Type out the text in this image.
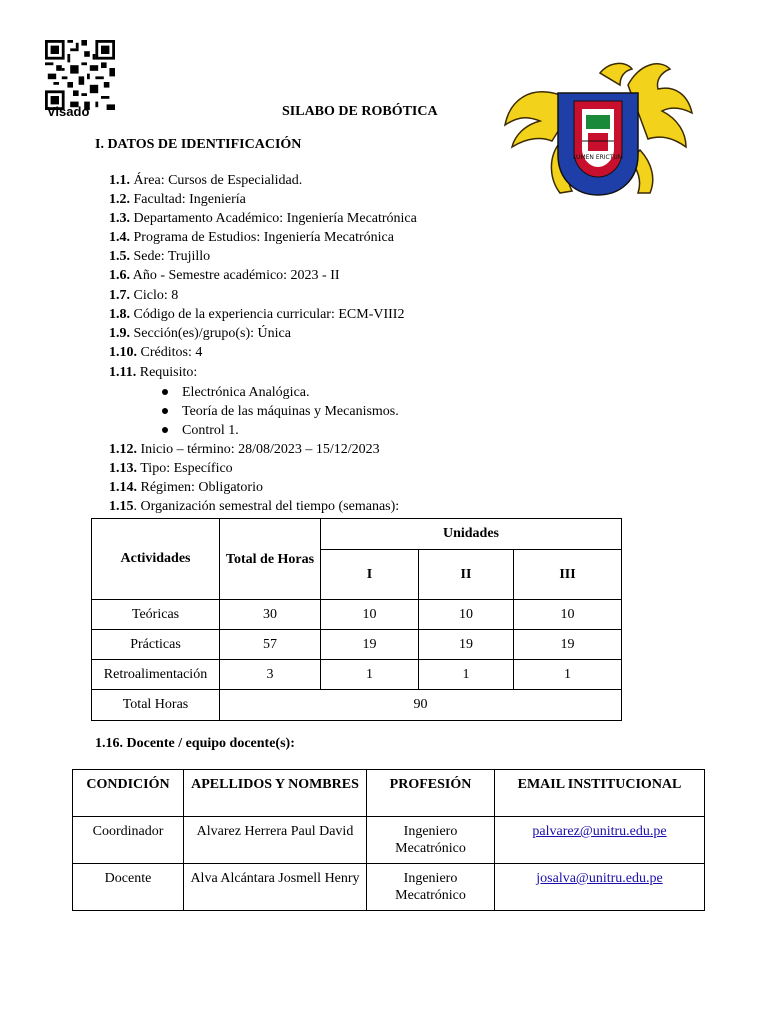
Visado	SILABO DE ROBÓTICA
LUMEN ERICTUM
I. DATOS DE IDENTIFICACIÓN
1.1. Área: Cursos de Especialidad.
1.2. Facultad: Ingeniería
1.3. Departamento Académico: Ingeniería Mecatrónica
1.4. Programa de Estudios: Ingeniería Mecatrónica
1.5. Sede: Trujillo
1.6. Año - Semestre académico: 2023 - II
1.7. Ciclo: 8
1.8. Código de la experiencia curricular: ECM-VIII2
1.9. Sección(es)/grupo(s): Única
1.10. Créditos: 4
1.11. Requisito:
Electrónica Analógica.
Teoría de las máquinas y Mecanismos.
Control 1.
1.12. Inicio – término: 28/08/2023 – 15/12/2023
1.13. Tipo: Específico
1.14. Régimen: Obligatorio
1.15. Organización semestral del tiempo (semanas):
Actividades	Total de Horas	Unidades		
		I	II	III
Teóricas	30	10	10	10
Prácticas	57	19	19	19
Retroalimentación	3	1	1	1
Total Horas	90			
1.16. Docente / equipo docente(s):
CONDICIÓN	APELLIDOS Y NOMBRES	PROFESIÓN	EMAIL INSTITUCIONAL
Coordinador	Alvarez Herrera Paul David	Ingeniero Mecatrónico	palvarez@unitru.edu.pe
Docente	Alva Alcántara Josmell Henry	Ingeniero Mecatrónico	josalva@unitru.edu.pe
